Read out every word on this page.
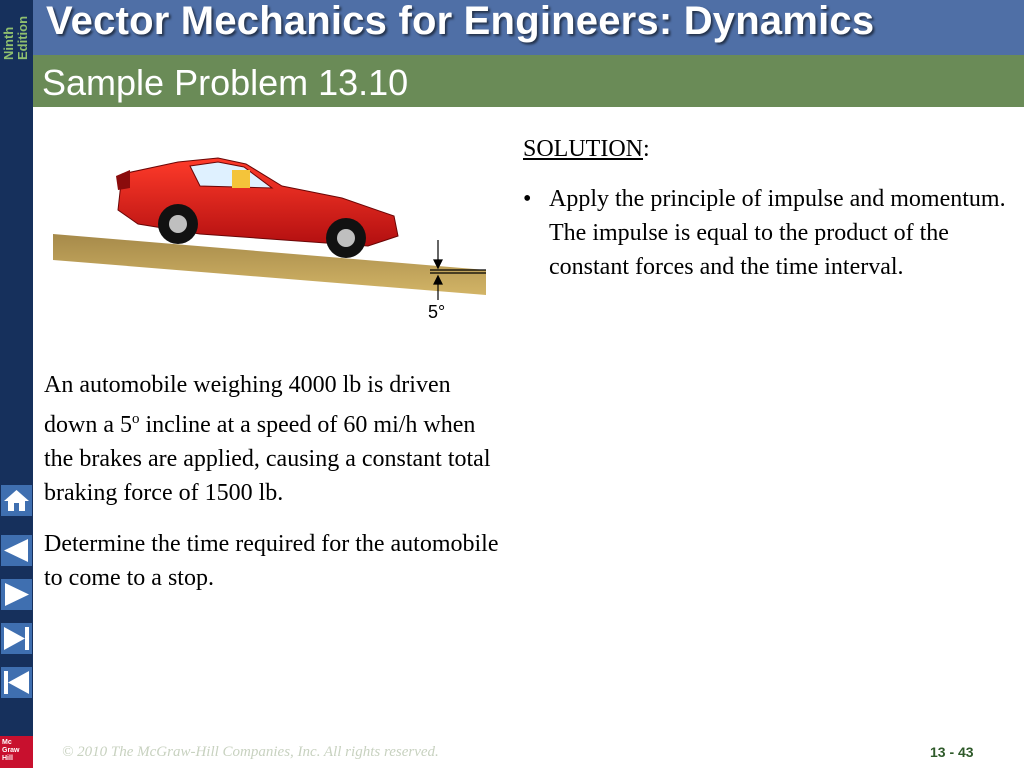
Ninth Edition
Mc
Graw
Hill
Vector Mechanics for Engineers: Dynamics
Sample Problem 13.10
5°

An automobile weighing 4000 lb is driven down a 5$^o$ incline at a speed of 60 mi/h when the brakes are applied, causing a constant total braking force of 1500 lb.

Determine the time required for the automobile to come to a stop.

SOLUTION:
• Apply the principle of impulse and momentum. The impulse is equal to the product of the constant forces and the time interval.
© 2010 The McGraw-Hill Companies, Inc. All rights reserved.	13 - 43
